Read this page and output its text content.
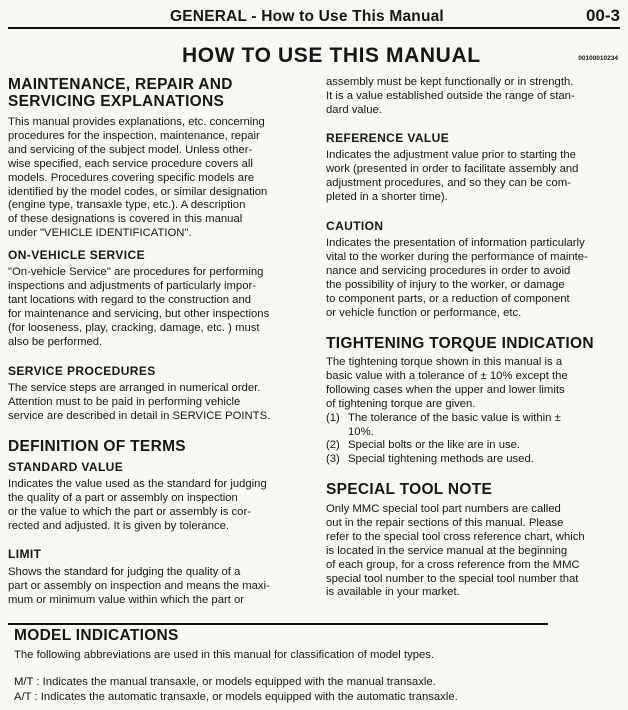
GENERAL - How to Use This Manual	00-3
HOW TO USE THIS MANUAL	00100010234
MAINTENANCE, REPAIR AND
SERVICING EXPLANATIONS
This manual provides explanations, etc. concerning
procedures for the inspection, maintenance, repair
and servicing of the subject model. Unless other-
wise specified, each service procedure covers all
models. Procedures covering specific models are
identified by the model codes, or similar designation
(engine type, transaxle type, etc.). A description
of these designations is covered in this manual
under "VEHICLE IDENTIFICATION".
ON-VEHICLE SERVICE
"On-vehicle Service" are procedures for performing
inspections and adjustments of particularly impor-
tant locations with regard to the construction and
for maintenance and servicing, but other inspections
(for looseness, play, cracking, damage, etc. ) must
also be performed.
SERVICE PROCEDURES
The service steps are arranged in numerical order.
Attention must to be paid in performing vehicle
service are described in detail in SERVICE POINTS.
DEFINITION OF TERMS
STANDARD VALUE
Indicates the value used as the standard for judging
the quality of a part or assembly on inspection
or the value to which the part or assembly is cor-
rected and adjusted. It is given by tolerance.
LIMIT
Shows the standard for judging the quality of a
part or assembly on inspection and means the maxi-
mum or minimum value within which the part or
assembly must be kept functionally or in strength.
It is a value established outside the range of stan-
dard value.
REFERENCE VALUE
Indicates the adjustment value prior to starting the
work (presented in order to facilitate assembly and
adjustment procedures, and so they can be com-
pleted in a shorter time).
CAUTION
Indicates the presentation of information particularly
vital to the worker during the performance of mainte-
nance and servicing procedures in order to avoid
the possibility of injury to the worker, or damage
to component parts, or a reduction of component
or vehicle function or performance, etc.
TIGHTENING TORQUE INDICATION
The tightening torque shown in this manual is a
basic value with a tolerance of ± 10% except the
following cases when the upper and lower limits
of tightening torque are given.
(1) The tolerance of the basic value is within ±
10%.
(2) Special bolts or the like are in use.
(3) Special tightening methods are used.
SPECIAL TOOL NOTE
Only MMC special tool part numbers are called
out in the repair sections of this manual. Please
refer to the special tool cross reference chart, which
is located in the service manual at the beginning
of each group, for a cross reference from the MMC
special tool number to the special tool number that
is available in your market.
MODEL INDICATIONS
The following abbreviations are used in this manual for classification of model types.
M/T : Indicates the manual transaxle, or models equipped with the manual transaxle.
A/T : Indicates the automatic transaxle, or models equipped with the automatic transaxle.
